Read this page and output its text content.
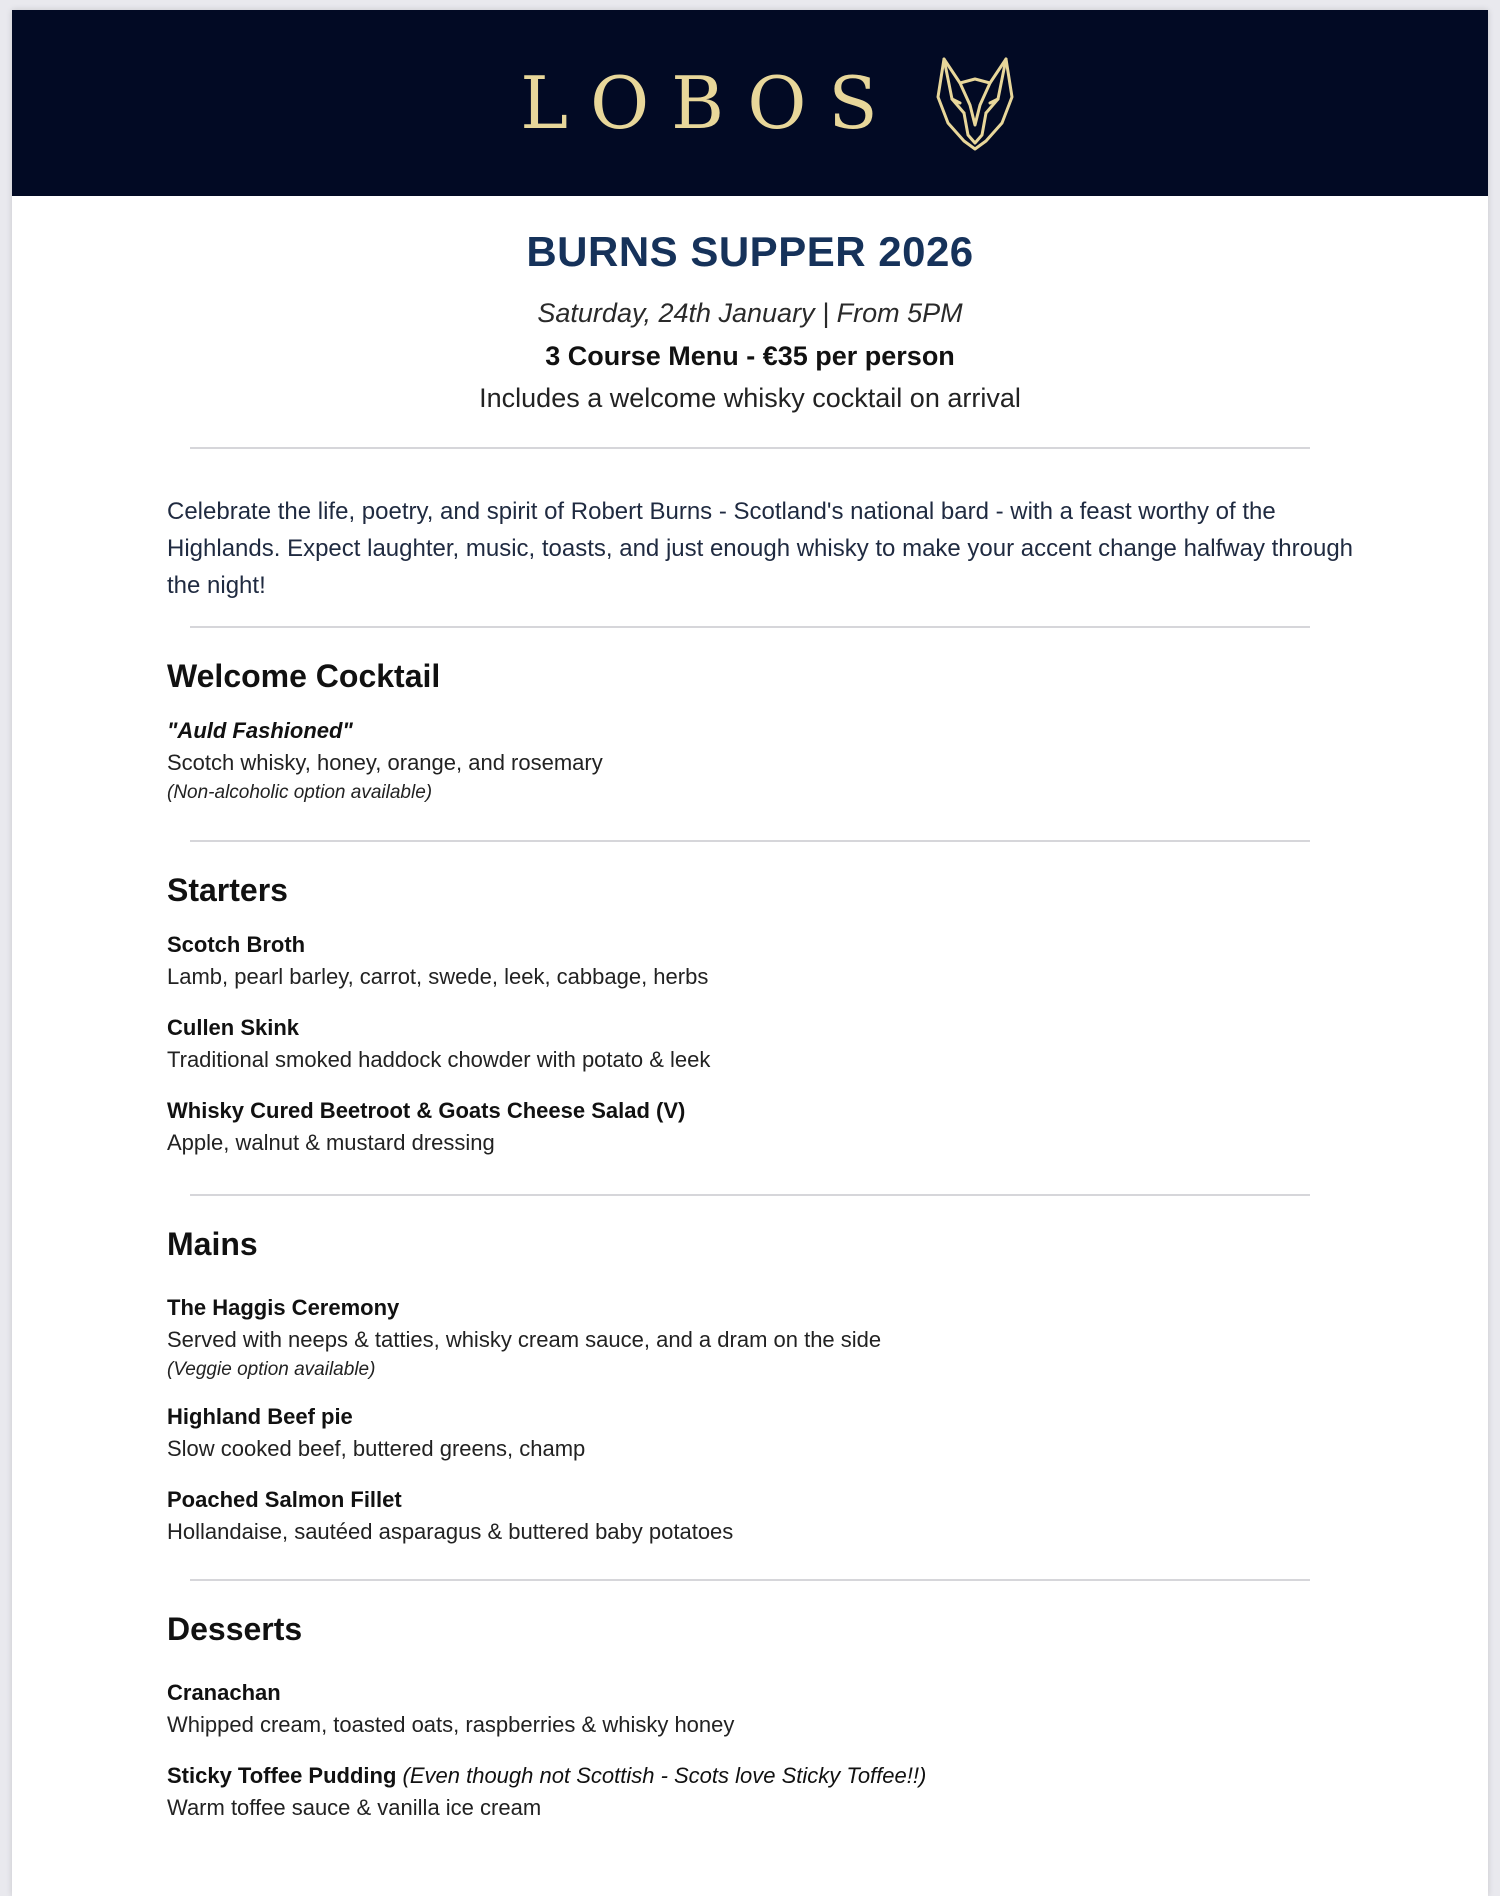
LOBOS
BURNS SUPPER 2026
Saturday, 24th January | From 5PM
3 Course Menu - €35 per person
Includes a welcome whisky cocktail on arrival
Celebrate the life, poetry, and spirit of Robert Burns - Scotland's national bard - with a feast worthy of the Highlands. Expect laughter, music, toasts, and just enough whisky to make your accent change halfway through the night!
Welcome Cocktail
"Auld Fashioned"
Scotch whisky, honey, orange, and rosemary
(Non-alcoholic option available)
Starters
Scotch Broth
Lamb, pearl barley, carrot, swede, leek, cabbage, herbs
Cullen Skink
Traditional smoked haddock chowder with potato & leek
Whisky Cured Beetroot & Goats Cheese Salad (V)
Apple, walnut & mustard dressing
Mains
The Haggis Ceremony
Served with neeps & tatties, whisky cream sauce, and a dram on the side
(Veggie option available)
Highland Beef pie
Slow cooked beef, buttered greens, champ
Poached Salmon Fillet
Hollandaise, sautéed asparagus & buttered baby potatoes
Desserts
Cranachan
Whipped cream, toasted oats, raspberries & whisky honey
Sticky Toffee Pudding (Even though not Scottish - Scots love Sticky Toffee!!)
Warm toffee sauce & vanilla ice cream
